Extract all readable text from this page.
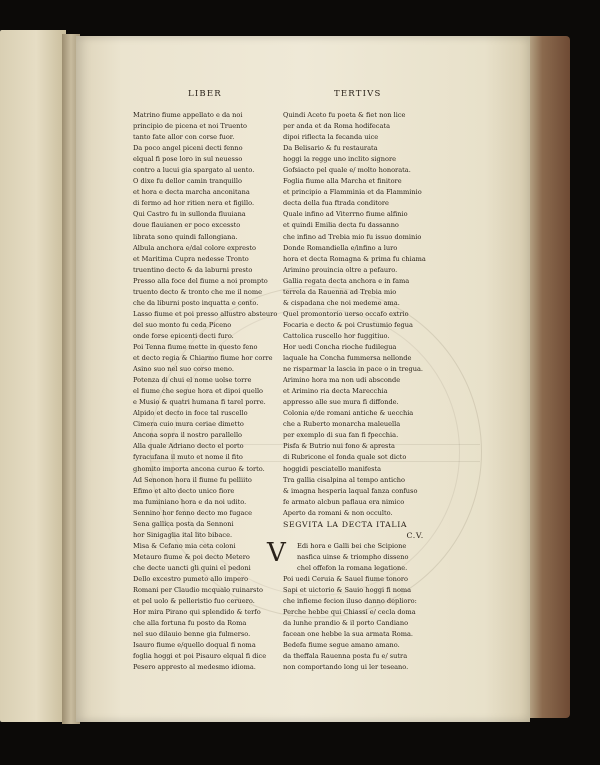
LIBER	TERTIVS
Matrino fiume appellato e da noi
principio de picena et noi Truento
tanto fate allor con corse fuor.
Da poco angel piceni decti fenno
elqual fi pose loro in sul neuesso
contro a lucui gia spargato al uento.
O dixe fu dellor camin tranquillo
et hora e decta marcha anconitana
di fermo ad hor ritien nera et figillo.
Qui Castro fu in sullonda fluuiana
doue flauianen er poco excessto
librata sono quindi fallongiana.
Albula anchora e/dal colore expresto
et Maritima Cupra nedesse Tronto
truentino decto & da laburni presto
Presso alla foce del fiume a noi prompto
truento decto & tronto che me il nome
che da liburni posto inquatta e conto.
Lasso fiume et poi presso allustro absteuro
del suo monto fu ceda Piceno
onde forse epicenti decti furo.
Poi Tenna fiume mette in questo feno
et decto regia & Chiarmo fiume hor corre
Asino suo nel suo corso meno.
Potenza di chui el nome uolse torre
el fiume che segue hora et dipoi quello
e Musio & quatri humana fi tarel porre.
Alpido et decto in foce tal ruscello
Cimera cuio mura ceriae dimetto
Ancona sopra il nostro parallello
Alla quale Adriano decto el porto
fyracufana il muto et nome il fito
ghomito importa ancona curuo & torto.
Ad Senonon hora il fiume fu pelliito
Efimo et alto decto unico fiore
ma fuminiano hora e da noi udito.
Sennino hor fenno decto mo fugace
Sena gallica posta da Sennoni
hor Sinigaglia ital lito bibace.
Misa & Cefano mia ceta coloni
Metauro fiume & poi decto Metero
che decte uancti gli quini el pedoni
Dello excestro pumeto allo impero
Romani per Claudio mcqualo ruinarsto
et pel uolo & pelleristio fuo ceruero.
Hor mira Pirano qui splendido & terfo
che alla fortuna fu posto da Roma
nel suo dilauio benne gia fulmerso.
Isauro fiume e/quello doqual fi noma
foglia hoggi et poi Pisauro elqual fi dice
Pesero appresto al medesmo idioma.
Quindi Aceto fu poeta & fiet non lice
per anda et da Roma hodifecata
dipoi riflecta la fecanda uice
Da Belisario & fu restaurata
hoggi la regge uno inclito signore
Gofsiacto pel quale e/ molto honorata.
Foglia fiume alla Marcha et finitore
et principio a Flamminia et da Flamminio
decta della fua ftrada conditore
Quale infino ad Viterrno fiume alfinio
et quindi Emilia decta fu dassanno
che infino ad Trebia mio fu issuo dominio
Donde Romandiella e/infino a luro
hora et decta Romagna & prima fu chiama
Arimino prouincia oltre a pefauro.
Gallia regata decta anchora e in fama
terrela da Rauenna ad Trebia mio
& cispadana che noi medeme ama.
Quel promontorio uerso occafo extrio
Focaria e decto & poi Crustumio fegua
Cattolica ruscello hor fuggitiuo.
Hor uedi Concha rioche fudilegua
laquale ha Concha fummersa nellonde
ne risparmar la lascia in pace o in tregua.
Arimino hora ma non udi absconde
et Arimino ria decta Marecchia
appresso alle sue mura fi diffonde.
Colonia e/de romani antiche & uecchia
che a Ruberto monarcha maleuella
per exemplo di sua fan fi fpecchia.
Pisfa & Butrio nui fono & apresta
di Rubricone el fonda quale sot dicto
hoggidi pesciatello manifesta
Tra gallia cisalpina al tempo anticho
& imagna hesperia laqual fanza confuso
fe armato alcbun paflaua era nimico
Aperto da romani & non occulto.
SEGVITA LA DECTA ITALIA
C.V.
V	Edi hora e Galli bei che Scipione
nasfica uinse & triompho disseno
chel offefon la romana legatione.
Poi uedi Ceruia & Sauel fiume tonoro
Sapi et uictorio & Sauio hoggi fi noma
che infieme fecion iluso danno deplioro:
Perche hebbe qui Chiassi e/ cecla doma
da lunhe prandio & il porto Candiano
facean one hebbe la sua armata Roma.
Bedefa fiume segue amano amano.
da theffala Rauenna posta fu e/ sutra
non comportando long ui ler teseano.
